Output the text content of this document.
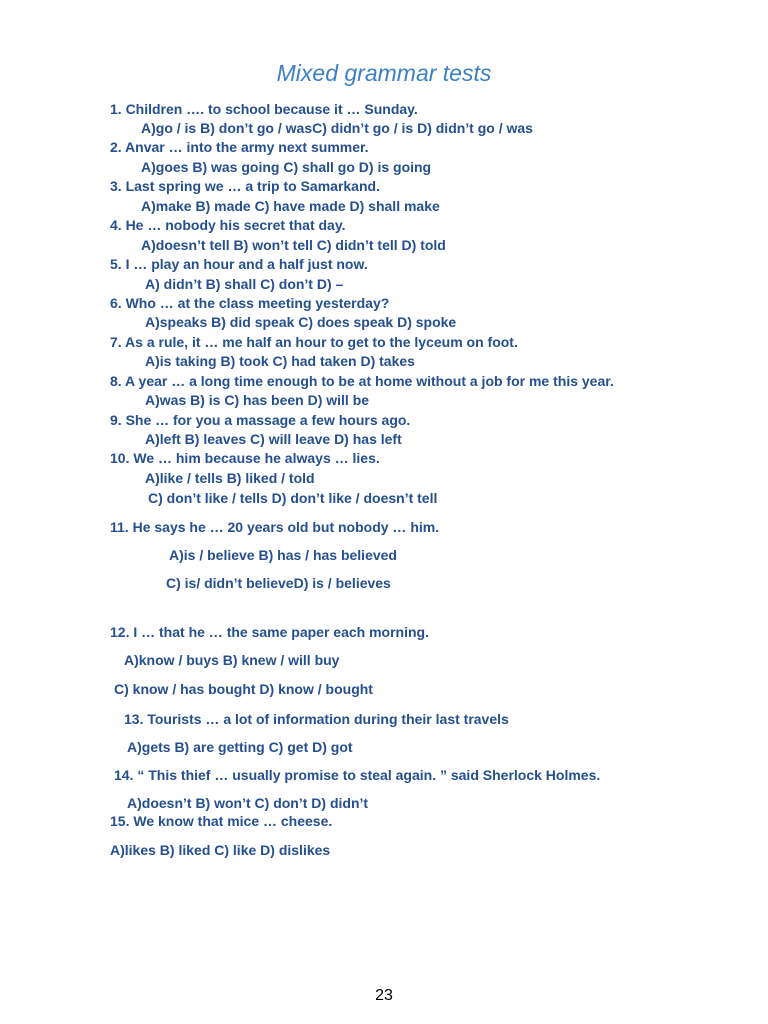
Mixed grammar tests
1. Children …. to school because it … Sunday.
A)go / is B) don’t go / wasC) didn’t go / is D) didn’t go / was
2. Anvar … into the army next summer.
A)goes B) was going C) shall go D) is going
3. Last spring we … a trip to Samarkand.
A)make B) made C) have made D) shall make
4. He … nobody his secret that day.
A)doesn’t tell B) won’t tell C) didn’t tell D) told
5. I … play an hour and a half just now.
A) didn’t B) shall C) don’t D) –
6. Who … at the class meeting yesterday?
A)speaks B) did speak C) does speak D) spoke
7. As a rule, it … me half an hour to get to the lyceum on foot.
A)is taking B) took C) had taken D) takes
8. A year … a long time enough to be at home without a job for me this year.
A)was B) is C) has been D) will be
9. She … for you a massage a few hours ago.
A)left B) leaves C) will leave D) has left
10. We … him because he always … lies.
A)like / tells B) liked / told
C) don’t like / tells D) don’t like / doesn’t tell
11. He says he … 20 years old but nobody … him.
A)is / believe B) has / has believed
C) is/ didn’t believeD) is / believes
12. I … that he … the same paper each morning.
A)know / buys B) knew / will buy
C) know / has bought D) know / bought
13. Tourists … a lot of information during their last travels
A)gets B) are getting C) get D) got
14. “ This thief … usually promise to steal again. ” said Sherlock Holmes.
A)doesn’t B) won’t C) don’t D) didn’t
15. We know that mice … cheese.
A)likes B) liked C) like D) dislikes
23
